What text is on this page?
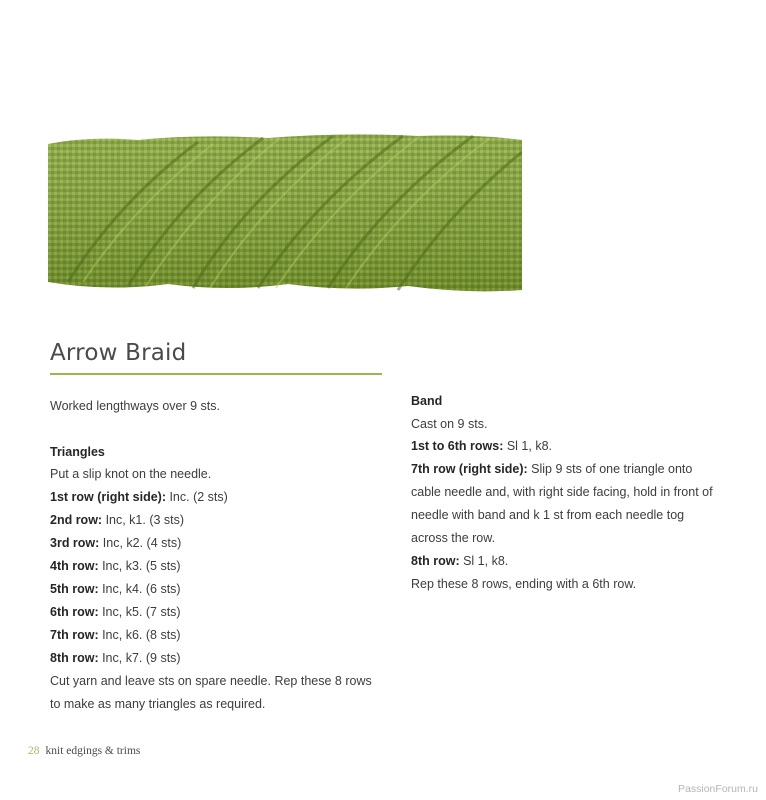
Arrow Braid
Worked lengthways over 9 sts.
Triangles
Put a slip knot on the needle.
1st row (right side): Inc. (2 sts)
2nd row: Inc, k1. (3 sts)
3rd row: Inc, k2. (4 sts)
4th row: Inc, k3. (5 sts)
5th row: Inc, k4. (6 sts)
6th row: Inc, k5. (7 sts)
7th row: Inc, k6. (8 sts)
8th row: Inc, k7. (9 sts)
Cut yarn and leave sts on spare needle. Rep these 8 rows
to make as many triangles as required.
Band
Cast on 9 sts.
1st to 6th rows: Sl 1, k8.
7th row (right side): Slip 9 sts of one triangle onto
cable needle and, with right side facing, hold in front of
needle with band and k 1 st from each needle tog
across the row.
8th row: Sl 1, k8.
Rep these 8 rows, ending with a 6th row.
28 knit edgings & trims
PassionForum.ru
